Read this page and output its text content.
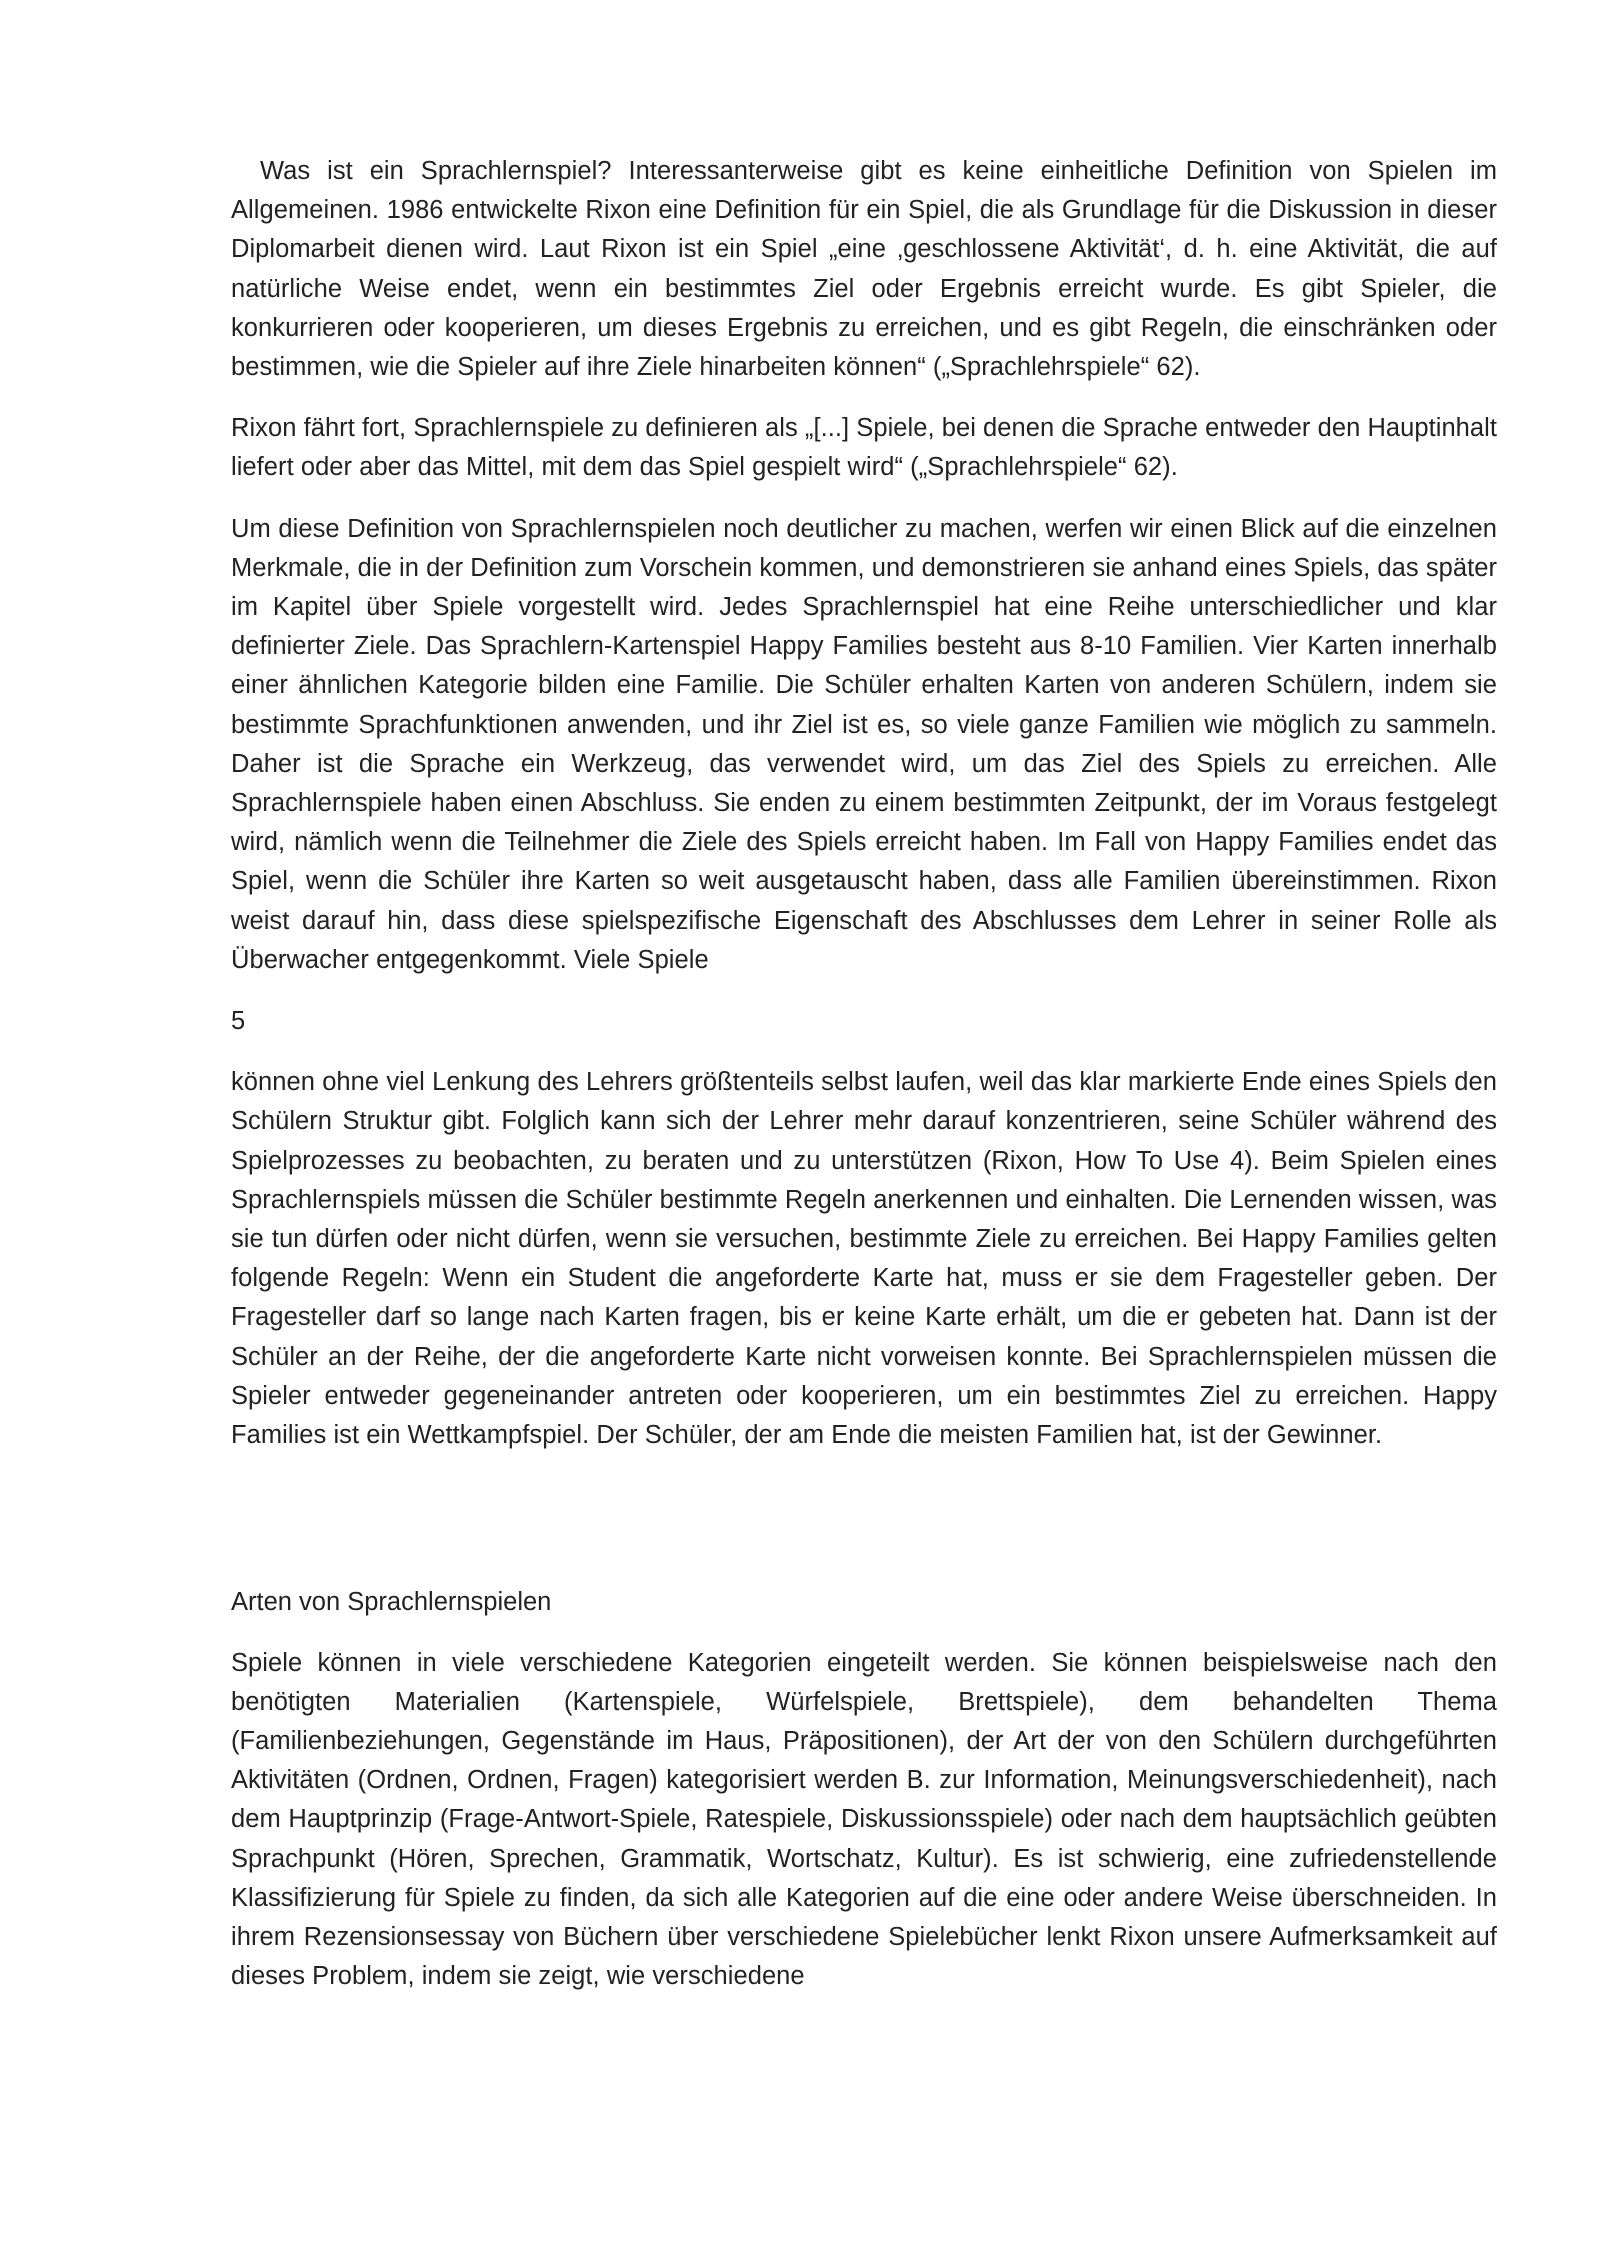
Was ist ein Sprachlernspiel? Interessanterweise gibt es keine einheitliche Definition von Spielen im Allgemeinen. 1986 entwickelte Rixon eine Definition für ein Spiel, die als Grundlage für die Diskussion in dieser Diplomarbeit dienen wird. Laut Rixon ist ein Spiel „eine ‚geschlossene Aktivität‘, d. h. eine Aktivität, die auf natürliche Weise endet, wenn ein bestimmtes Ziel oder Ergebnis erreicht wurde. Es gibt Spieler, die konkurrieren oder kooperieren, um dieses Ergebnis zu erreichen, und es gibt Regeln, die einschränken oder bestimmen, wie die Spieler auf ihre Ziele hinarbeiten können“ („Sprachlehrspiele“ 62).

Rixon fährt fort, Sprachlernspiele zu definieren als „[...] Spiele, bei denen die Sprache entweder den Hauptinhalt liefert oder aber das Mittel, mit dem das Spiel gespielt wird“ („Sprachlehrspiele“ 62).

Um diese Definition von Sprachlernspielen noch deutlicher zu machen, werfen wir einen Blick auf die einzelnen Merkmale, die in der Definition zum Vorschein kommen, und demonstrieren sie anhand eines Spiels, das später im Kapitel über Spiele vorgestellt wird. Jedes Sprachlernspiel hat eine Reihe unterschiedlicher und klar definierter Ziele. Das Sprachlern-Kartenspiel Happy Families besteht aus 8-10 Familien. Vier Karten innerhalb einer ähnlichen Kategorie bilden eine Familie. Die Schüler erhalten Karten von anderen Schülern, indem sie bestimmte Sprachfunktionen anwenden, und ihr Ziel ist es, so viele ganze Familien wie möglich zu sammeln. Daher ist die Sprache ein Werkzeug, das verwendet wird, um das Ziel des Spiels zu erreichen. Alle Sprachlernspiele haben einen Abschluss. Sie enden zu einem bestimmten Zeitpunkt, der im Voraus festgelegt wird, nämlich wenn die Teilnehmer die Ziele des Spiels erreicht haben. Im Fall von Happy Families endet das Spiel, wenn die Schüler ihre Karten so weit ausgetauscht haben, dass alle Familien übereinstimmen. Rixon weist darauf hin, dass diese spielspezifische Eigenschaft des Abschlusses dem Lehrer in seiner Rolle als Überwacher entgegenkommt. Viele Spiele

5

können ohne viel Lenkung des Lehrers größtenteils selbst laufen, weil das klar markierte Ende eines Spiels den Schülern Struktur gibt. Folglich kann sich der Lehrer mehr darauf konzentrieren, seine Schüler während des Spielprozesses zu beobachten, zu beraten und zu unterstützen (Rixon, How To Use 4). Beim Spielen eines Sprachlernspiels müssen die Schüler bestimmte Regeln anerkennen und einhalten. Die Lernenden wissen, was sie tun dürfen oder nicht dürfen, wenn sie versuchen, bestimmte Ziele zu erreichen. Bei Happy Families gelten folgende Regeln: Wenn ein Student die angeforderte Karte hat, muss er sie dem Fragesteller geben. Der Fragesteller darf so lange nach Karten fragen, bis er keine Karte erhält, um die er gebeten hat. Dann ist der Schüler an der Reihe, der die angeforderte Karte nicht vorweisen konnte. Bei Sprachlernspielen müssen die Spieler entweder gegeneinander antreten oder kooperieren, um ein bestimmtes Ziel zu erreichen. Happy Families ist ein Wettkampfspiel. Der Schüler, der am Ende die meisten Familien hat, ist der Gewinner.

Arten von Sprachlernspielen

Spiele können in viele verschiedene Kategorien eingeteilt werden. Sie können beispielsweise nach den benötigten Materialien (Kartenspiele, Würfelspiele, Brettspiele), dem behandelten Thema (Familienbeziehungen, Gegenstände im Haus, Präpositionen), der Art der von den Schülern durchgeführten Aktivitäten (Ordnen, Ordnen, Fragen) kategorisiert werden B. zur Information, Meinungsverschiedenheit), nach dem Hauptprinzip (Frage-Antwort-Spiele, Ratespiele, Diskussionsspiele) oder nach dem hauptsächlich geübten Sprachpunkt (Hören, Sprechen, Grammatik, Wortschatz, Kultur). Es ist schwierig, eine zufriedenstellende Klassifizierung für Spiele zu finden, da sich alle Kategorien auf die eine oder andere Weise überschneiden. In ihrem Rezensionsessay von Büchern über verschiedene Spielebücher lenkt Rixon unsere Aufmerksamkeit auf dieses Problem, indem sie zeigt, wie verschiedene
